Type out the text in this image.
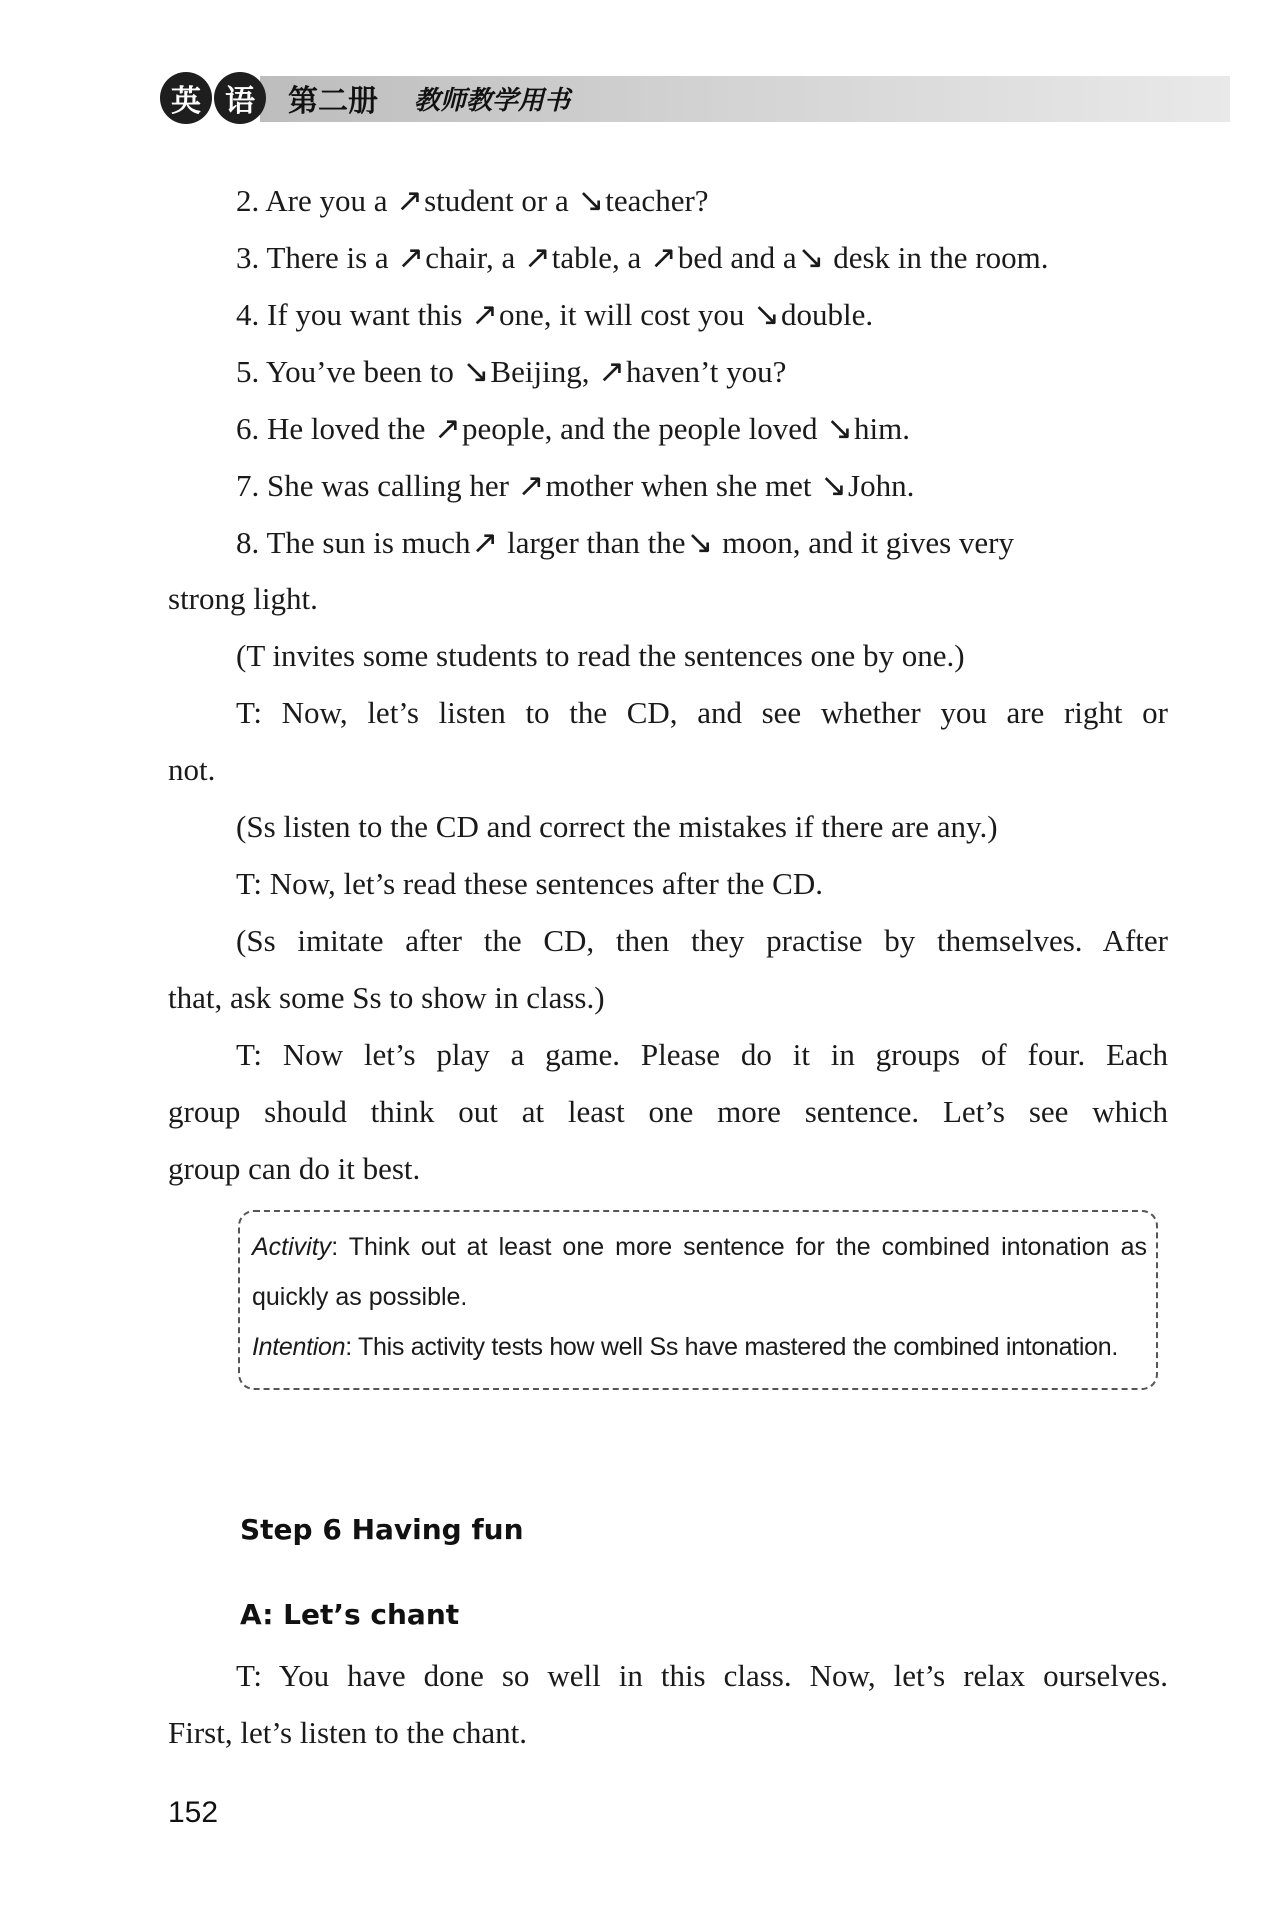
英 语	第二册 教师教学用书
2. Are you a ↗student or a ↘teacher?
3. There is a ↗chair, a ↗table, a ↗bed and a↘ desk in the room.
4. If you want this ↗one, it will cost you ↘double.
5. You’ve been to ↘Beijing, ↗haven’t you?
6. He loved the ↗people, and the people loved ↘him.
7. She was calling her ↗mother when she met ↘John.
8. The sun is much↗ larger than the↘ moon, and it gives very
strong light.
(T invites some students to read the sentences one by one.)
T: Now, let’s listen to the CD, and see whether you are right or
not.
(Ss listen to the CD and correct the mistakes if there are any.)
T: Now, let’s read these sentences after the CD.
(Ss imitate after the CD, then they practise by themselves. After
that, ask some Ss to show in class.)
T: Now let’s play a game. Please do it in groups of four. Each
group should think out at least one more sentence. Let’s see which
group can do it best.
Activity: Think out at least one more sentence for the combined intonation as
quickly as possible.
Intention: This activity tests how well Ss have mastered the combined intonation.
Step 6 Having fun
A: Let’s chant
T: You have done so well in this class. Now, let’s relax ourselves.
First, let’s listen to the chant.
152
